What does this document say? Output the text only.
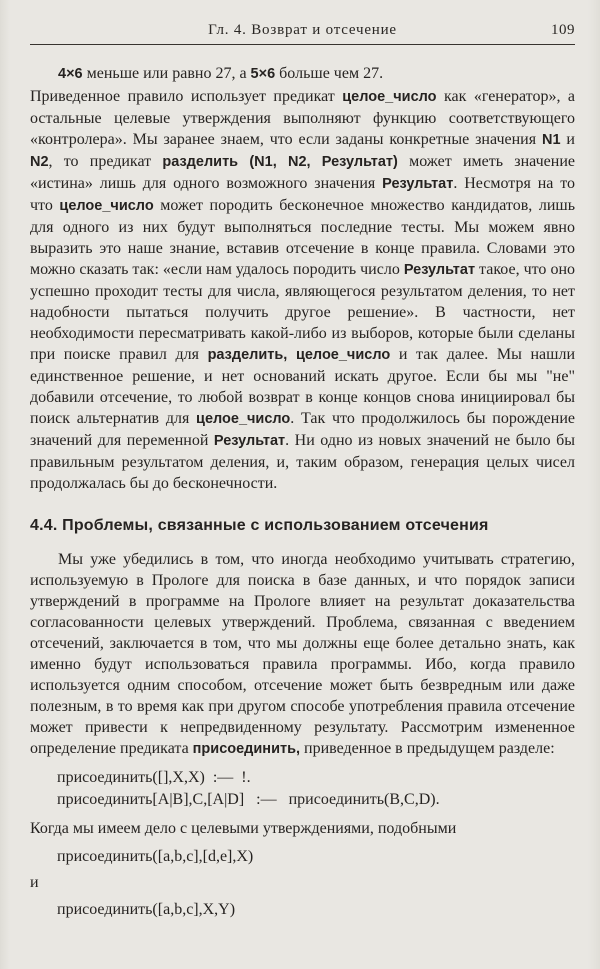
Гл. 4. Возврат и отсечение	109

4×6 меньше или равно 27, а 5×6 больше чем 27.

Приведенное правило использует предикат целое_число как «генератор», а остальные целевые утверждения выполняют функцию соответствующего «контролера». Мы заранее знаем, что если заданы конкретные значения N1 и N2, то предикат разделить (N1, N2, Результат) может иметь значение «истина» лишь для одного возможного значения Результат. Несмотря на то что целое_число может породить бесконечное множество кандидатов, лишь для одного из них будут выполняться последние тесты. Мы можем явно выразить это наше знание, вставив отсечение в конце правила. Словами это можно сказать так: «если нам удалось породить число Результат такое, что оно успешно проходит тесты для числа, являющегося результатом деления, то нет надобности пытаться получить другое решение». В частности, нет необходимости пересматривать какой-либо из выборов, которые были сделаны при поиске правил для разделить, целое_число и так далее. Мы нашли единственное решение, и нет оснований искать другое. Если бы мы "не" добавили отсечение, то любой возврат в конце концов снова инициировал бы поиск альтернатив для целое_число. Так что продолжилось бы порождение значений для переменной Результат. Ни одно из новых значений не было бы правильным результатом деления, и, таким образом, генерация целых чисел продолжалась бы до бесконечности.

4.4. Проблемы, связанные с использованием отсечения

Мы уже убедились в том, что иногда необходимо учитывать стратегию, используемую в Прологе для поиска в базе данных, и что порядок записи утверждений в программе на Прологе влияет на результат доказательства согласованности целевых утверждений. Проблема, связанная с введением отсечений, заключается в том, что мы должны еще более детально знать, как именно будут использоваться правила программы. Ибо, когда правило используется одним способом, отсечение может быть безвредным или даже полезным, в то время как при другом способе употребления правила отсечение может привести к непредвиденному результату. Рассмотрим измененное определение предиката присоединить, приведенное в предыдущем разделе:

присоединить([],X,X)  :—  !.
присоединить[A|B],C,[A|D]   :—   присоединить(B,C,D).

Когда мы имеем дело с целевыми утверждениями, подобными

присоединить([a,b,c],[d,e],X)
и
присоединить([a,b,c],X,Y)
